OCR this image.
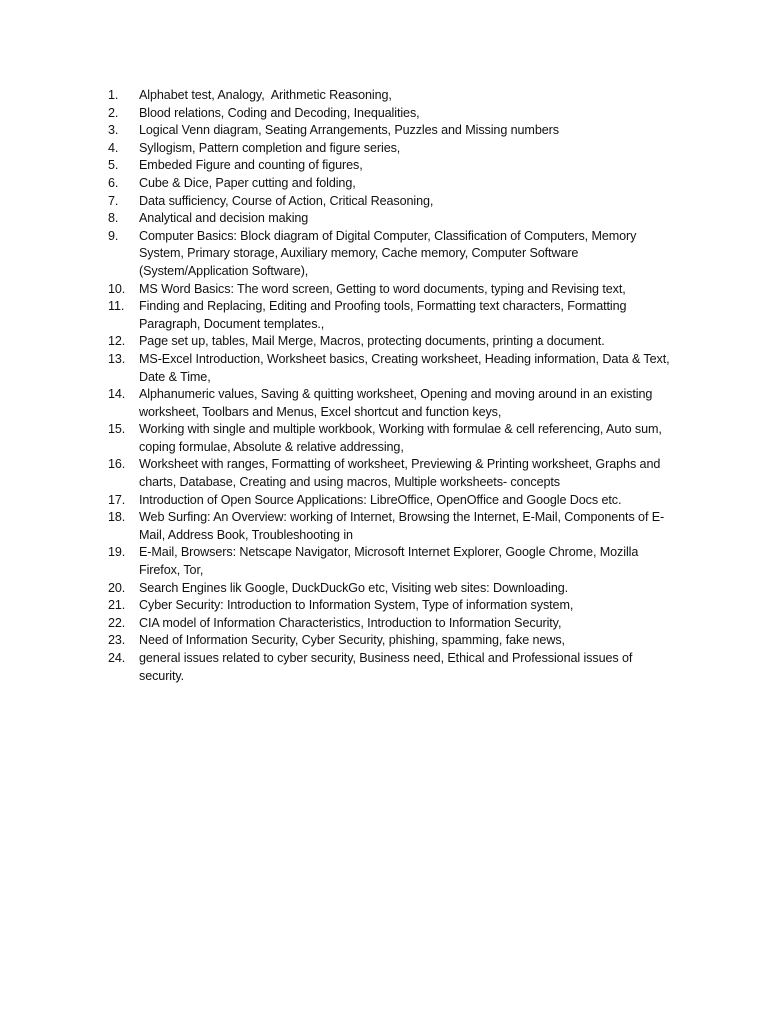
1.	Alphabet test, Analogy,  Arithmetic Reasoning,
2.	Blood relations, Coding and Decoding, Inequalities,
3.	Logical Venn diagram, Seating Arrangements, Puzzles and Missing numbers
4.	Syllogism, Pattern completion and figure series,
5.	Embeded Figure and counting of figures,
6.	Cube & Dice, Paper cutting and folding,
7.	Data sufficiency, Course of Action, Critical Reasoning,
8.	Analytical and decision making
9.	Computer Basics: Block diagram of Digital Computer, Classification of Computers, Memory System, Primary storage, Auxiliary memory, Cache memory, Computer Software (System/Application Software),
10.	MS Word Basics: The word screen, Getting to word documents, typing and Revising text,
11.	Finding and Replacing, Editing and Proofing tools, Formatting text characters, Formatting Paragraph, Document templates.,
12.	Page set up, tables, Mail Merge, Macros, protecting documents, printing a document.
13.	MS-Excel Introduction, Worksheet basics, Creating worksheet, Heading information, Data & Text, Date & Time,
14.	Alphanumeric values, Saving & quitting worksheet, Opening and moving around in an existing worksheet, Toolbars and Menus, Excel shortcut and function keys,
15.	Working with single and multiple workbook, Working with formulae & cell referencing, Auto sum, coping formulae, Absolute & relative addressing,
16.	Worksheet with ranges, Formatting of worksheet, Previewing & Printing worksheet, Graphs and charts, Database, Creating and using macros, Multiple worksheets- concepts
17.	Introduction of Open Source Applications: LibreOffice, OpenOffice and Google Docs etc.
18.	Web Surfing: An Overview: working of Internet, Browsing the Internet, E-Mail, Components of E-Mail, Address Book, Troubleshooting in
19.	E-Mail, Browsers: Netscape Navigator, Microsoft Internet Explorer, Google Chrome, Mozilla Firefox, Tor,
20.	Search Engines lik Google, DuckDuckGo etc, Visiting web sites: Downloading.
21.	Cyber Security: Introduction to Information System, Type of information system,
22.	CIA model of Information Characteristics, Introduction to Information Security,
23.	Need of Information Security, Cyber Security, phishing, spamming, fake news,
24.	general issues related to cyber security, Business need, Ethical and Professional issues of security.
